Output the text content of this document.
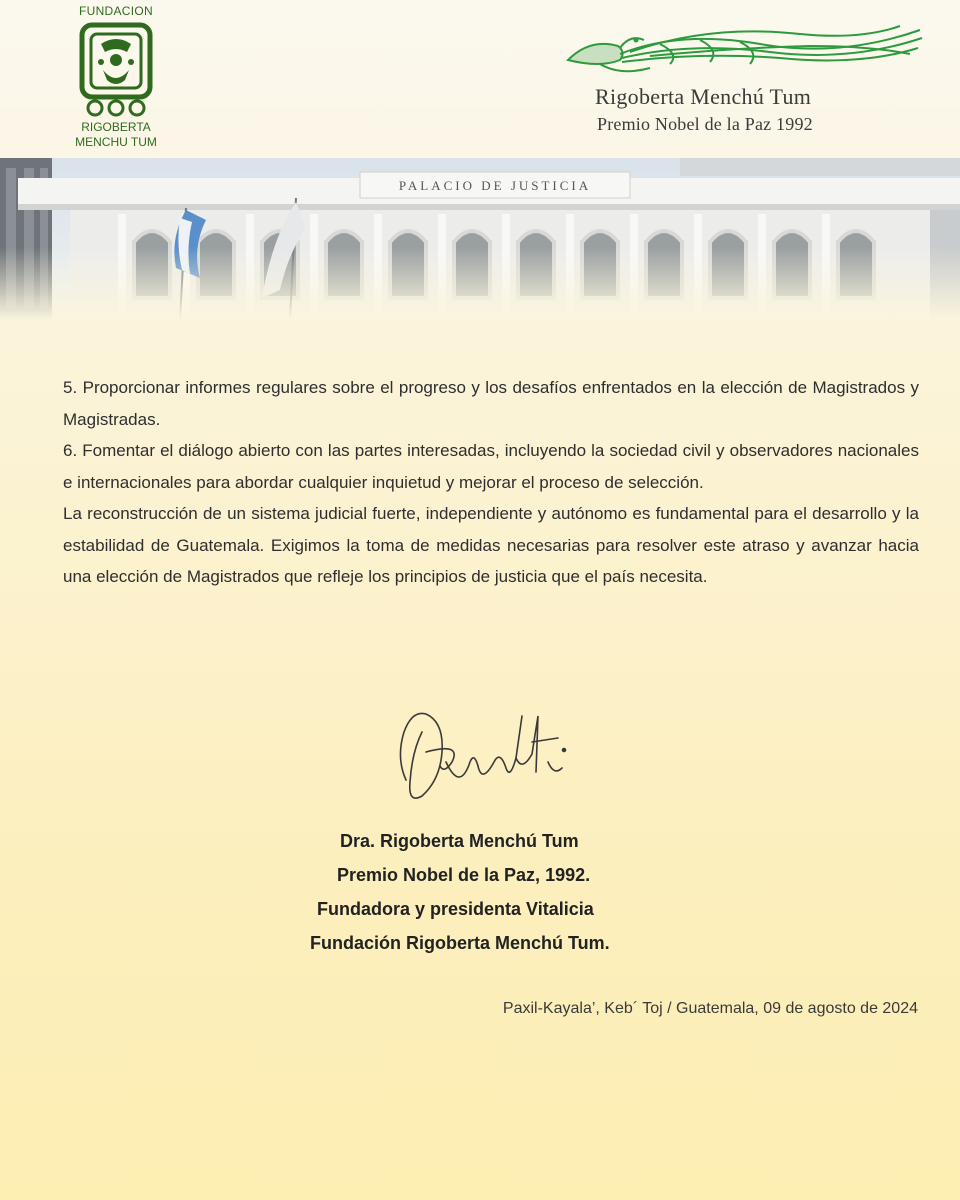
FUNDACION
RIGOBERTA
MENCHU TUM
Rigoberta Menchú Tum
Premio Nobel de la Paz 1992

5. Proporcionar informes regulares sobre el progreso y los desafíos enfrentados en la elección de Magistrados y Magistradas.

6. Fomentar el diálogo abierto con las partes interesadas, incluyendo la sociedad civil y observadores nacionales e internacionales para abordar cualquier inquietud y mejorar el proceso de selección.

La reconstrucción de un sistema judicial fuerte, independiente y autónomo es fundamental para el desarrollo y la estabilidad de Guatemala. Exigimos la toma de medidas necesarias para resolver este atraso y avanzar hacia una elección de Magistrados que refleje los principios de justicia que el país necesita.

Dra. Rigoberta Menchú Tum
Premio Nobel de la Paz, 1992.
Fundadora y presidenta Vitalicia
Fundación Rigoberta Menchú Tum.
Paxil-Kayala’, Keb´ Toj / Guatemala, 09 de agosto de 2024
